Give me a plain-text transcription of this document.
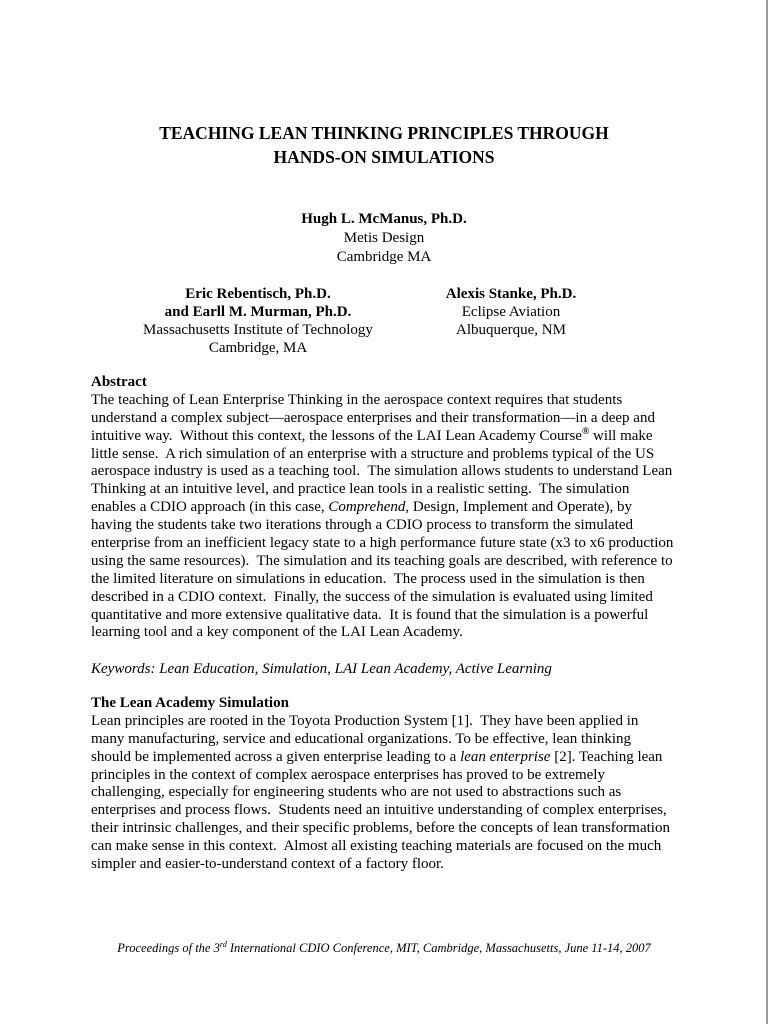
TEACHING LEAN THINKING PRINCIPLES THROUGH
HANDS-ON SIMULATIONS
Hugh L. McManus, Ph.D.
Metis Design
Cambridge MA
Eric Rebentisch, Ph.D.
and Earll M. Murman, Ph.D.
Massachusetts Institute of Technology
Cambridge, MA
Alexis Stanke, Ph.D.
Eclipse Aviation
Albuquerque, NM
Abstract
The teaching of Lean Enterprise Thinking in the aerospace context requires that students
understand a complex subject—aerospace enterprises and their transformation—in a deep and
intuitive way.  Without this context, the lessons of the LAI Lean Academy Course® will make
little sense.  A rich simulation of an enterprise with a structure and problems typical of the US
aerospace industry is used as a teaching tool.  The simulation allows students to understand Lean
Thinking at an intuitive level, and practice lean tools in a realistic setting.  The simulation
enables a CDIO approach (in this case, Comprehend, Design, Implement and Operate), by
having the students take two iterations through a CDIO process to transform the simulated
enterprise from an inefficient legacy state to a high performance future state (x3 to x6 production
using the same resources).  The simulation and its teaching goals are described, with reference to
the limited literature on simulations in education.  The process used in the simulation is then
described in a CDIO context.  Finally, the success of the simulation is evaluated using limited
quantitative and more extensive qualitative data.  It is found that the simulation is a powerful
learning tool and a key component of the LAI Lean Academy.
Keywords: Lean Education, Simulation, LAI Lean Academy, Active Learning
The Lean Academy Simulation
Lean principles are rooted in the Toyota Production System [1].  They have been applied in
many manufacturing, service and educational organizations. To be effective, lean thinking
should be implemented across a given enterprise leading to a lean enterprise [2]. Teaching lean
principles in the context of complex aerospace enterprises has proved to be extremely
challenging, especially for engineering students who are not used to abstractions such as
enterprises and process flows.  Students need an intuitive understanding of complex enterprises,
their intrinsic challenges, and their specific problems, before the concepts of lean transformation
can make sense in this context.  Almost all existing teaching materials are focused on the much
simpler and easier-to-understand context of a factory floor.
Proceedings of the 3rd International CDIO Conference, MIT, Cambridge, Massachusetts, June 11-14, 2007
